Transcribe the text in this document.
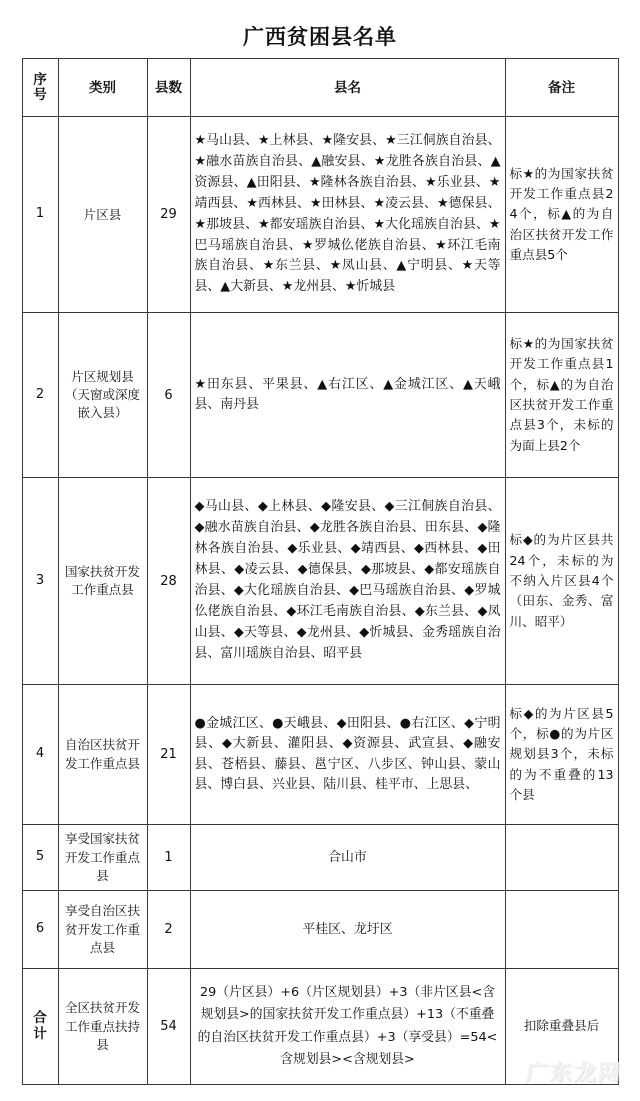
广西贫困县名单
序号	类别	县数	县名	备注
1	片区县	29	★马山县、★上林县、★隆安县、★三江侗族自治县、★融水苗族自治县、▲融安县、★龙胜各族自治县、▲资源县、▲田阳县、★隆林各族自治县、★乐业县、★靖西县、★西林县、★田林县、★凌云县、★德保县、★那坡县、★都安瑶族自治县、★大化瑶族自治县、★巴马瑶族自治县、★罗城仫佬族自治县、★环江毛南族自治县、★东兰县、★凤山县、▲宁明县、★天等县、▲大新县、★龙州县、★忻城县	标★的为国家扶贫开发工作重点县24个，标▲的为自治区扶贫开发工作重点县5个
2	片区规划县（天窗或深度嵌入县）	6	★田东县、平果县、▲右江区、▲金城江区、▲天峨县、南丹县	标★的为国家扶贫开发工作重点县1个，标▲的为自治区扶贫开发工作重点县3个，未标的为面上县2个
3	国家扶贫开发工作重点县	28	◆马山县、◆上林县、◆隆安县、◆三江侗族自治县、◆融水苗族自治县、◆龙胜各族自治县、田东县、◆隆林各族自治县、◆乐业县、◆靖西县、◆西林县、◆田林县、◆凌云县、◆德保县、◆那坡县、◆都安瑶族自治县、◆大化瑶族自治县、◆巴马瑶族自治县、◆罗城仫佬族自治县、◆环江毛南族自治县、◆东兰县、◆凤山县、◆天等县、◆龙州县、◆忻城县、金秀瑶族自治县、富川瑶族自治县、昭平县	标◆的为片区县共24个，未标的为不纳入片区县4个（田东、金秀、富川、昭平）
4	自治区扶贫开发工作重点县	21	●金城江区、●天峨县、◆田阳县、●右江区、◆宁明县、◆大新县、灌阳县、◆资源县、武宣县、◆融安县、苍梧县、藤县、邕宁区、八步区、钟山县、蒙山县、博白县、兴业县、陆川县、桂平市、上思县、	标◆的为片区县5个，标●的为片区规划县3个，未标的为不重叠的13个县
5	享受国家扶贫开发工作重点县	1	合山市	
6	享受自治区扶贫开发工作重点县	2	平桂区、龙圩区	
合计	全区扶贫开发工作重点扶持县	54	29（片区县）+6（片区规划县）+3（非片区县<含规划县>的国家扶贫开发工作重点县）+13（不重叠的自治区扶贫开发工作重点县）+3（享受县）=54<含规划县><含规划县>	扣除重叠县后
广东龙网
